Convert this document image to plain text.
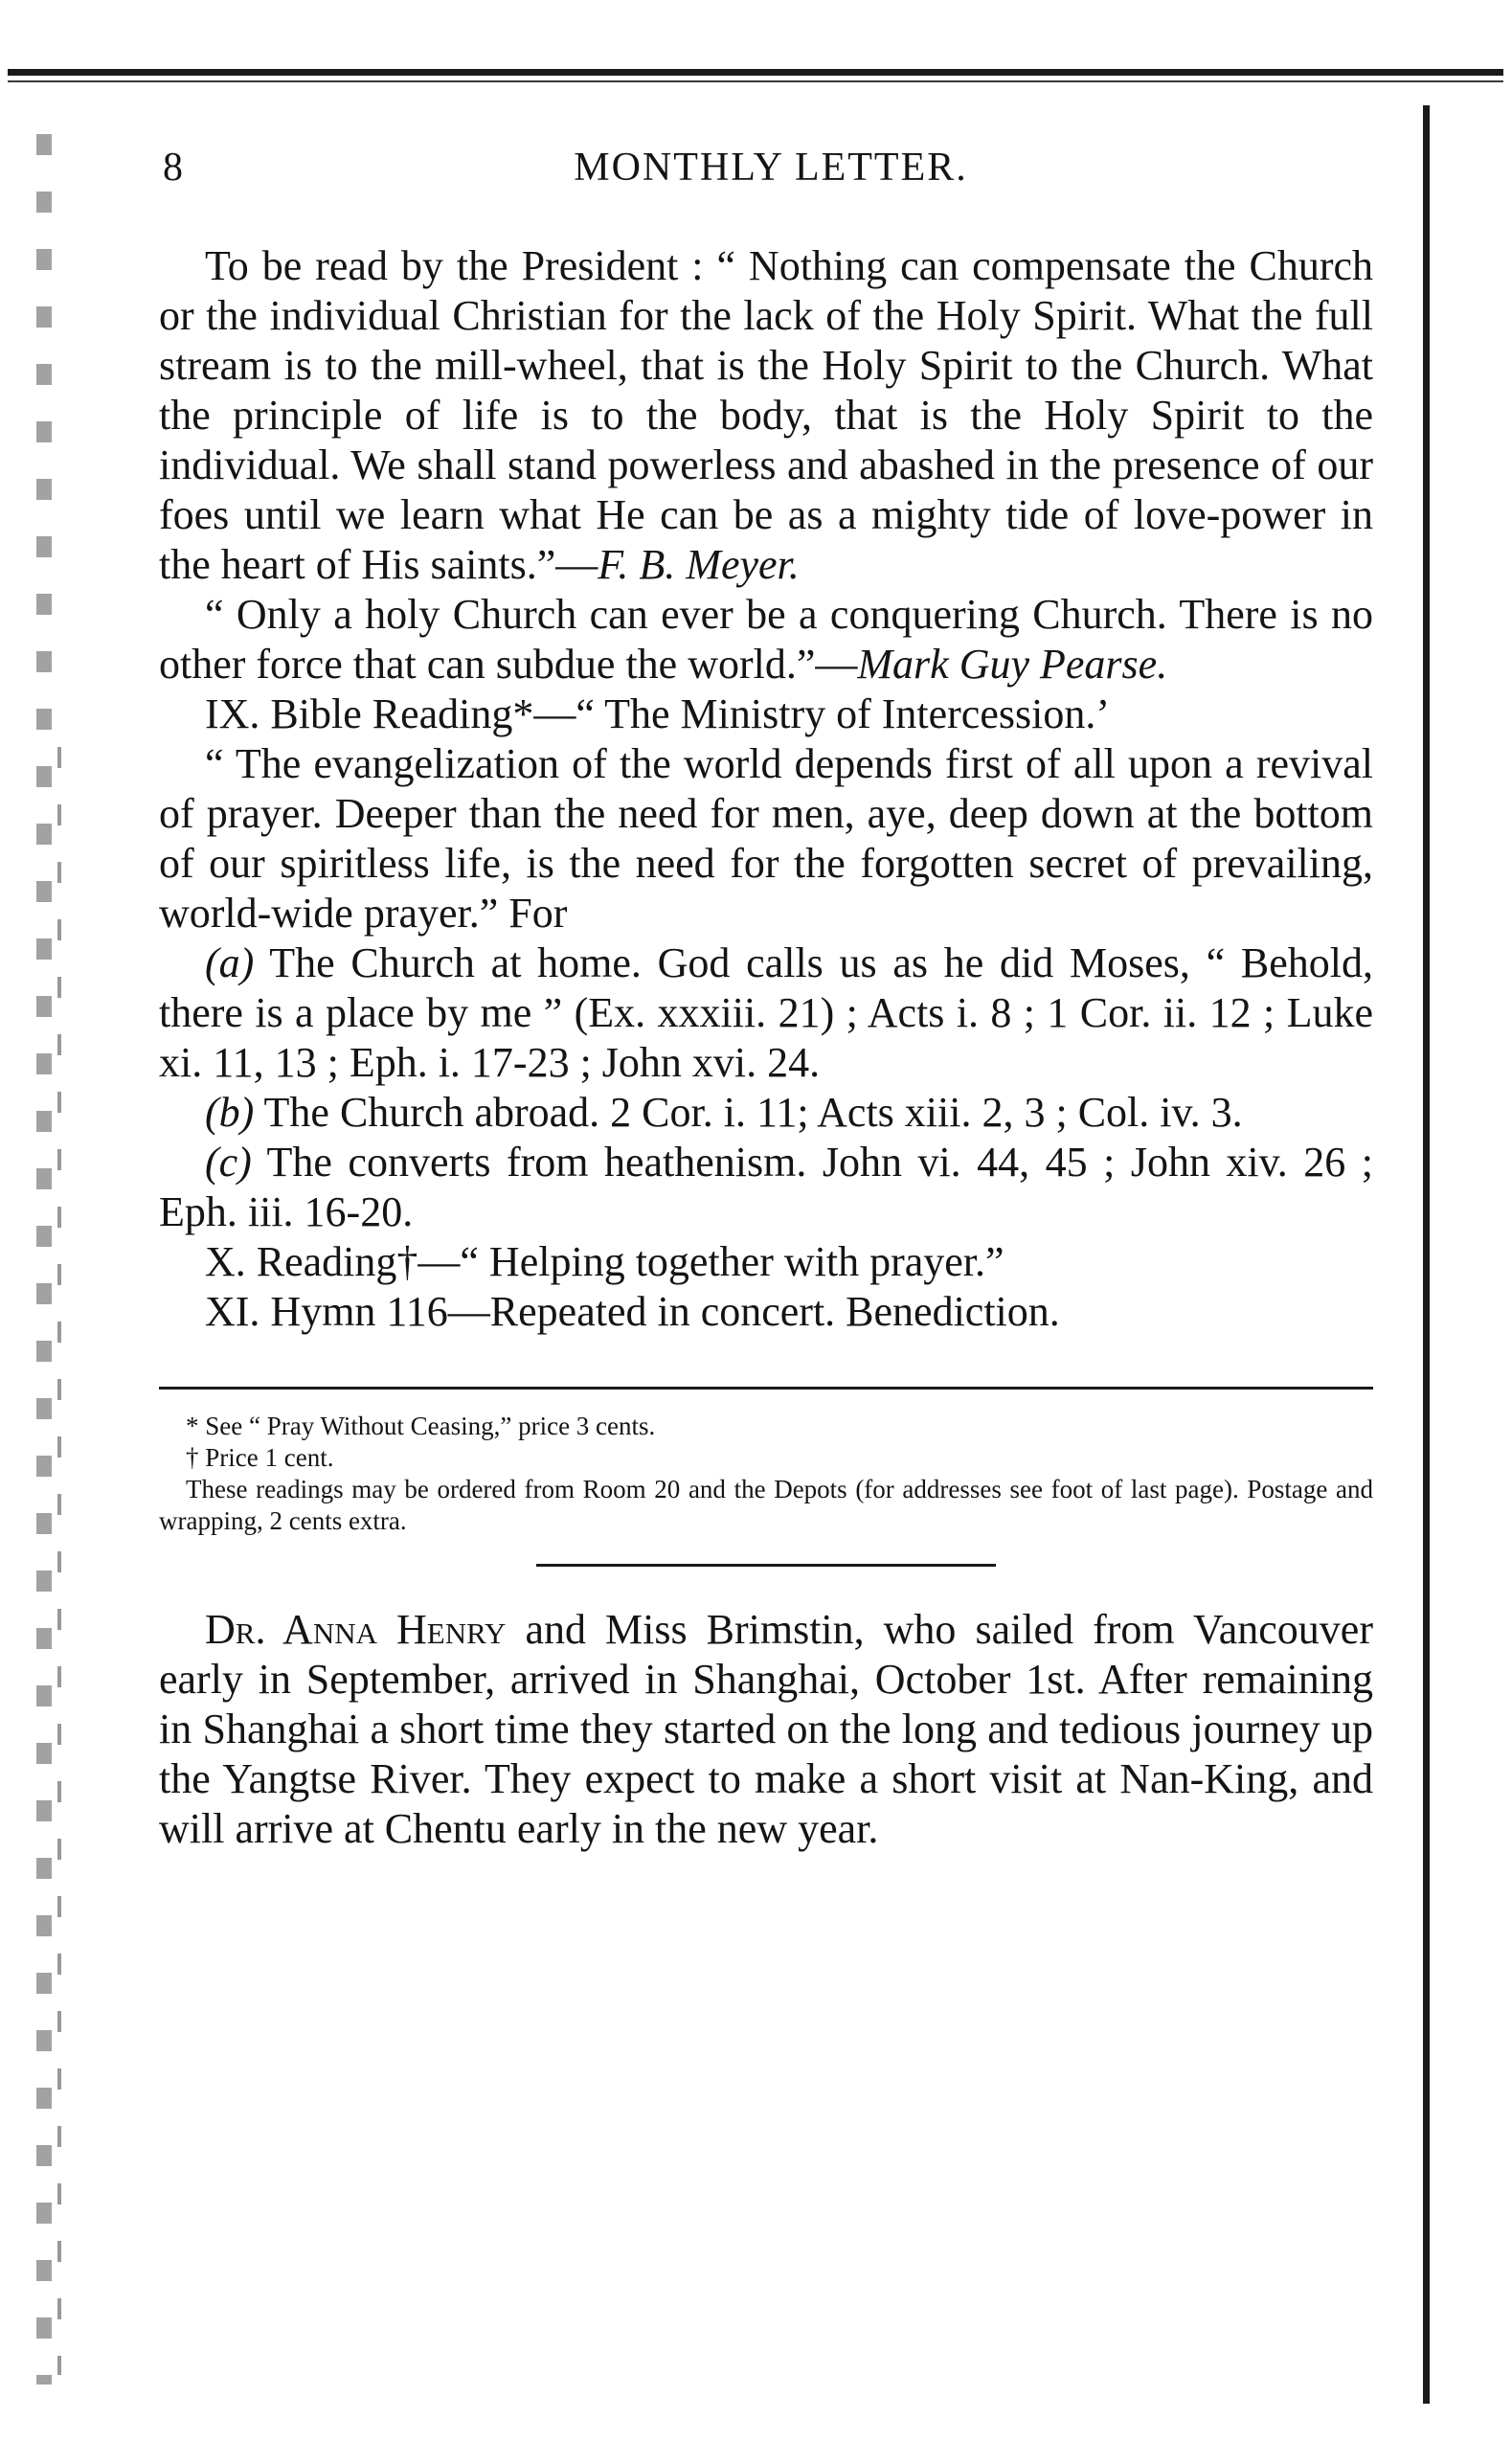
8	MONTHLY LETTER.

To be read by the President : “ Nothing can compensate the Church or the individual Christian for the lack of the Holy Spirit. What the full stream is to the mill-wheel, that is the Holy Spirit to the Church. What the principle of life is to the body, that is the Holy Spirit to the individual. We shall stand powerless and abashed in the presence of our foes until we learn what He can be as a mighty tide of love-power in the heart of His saints.”—F. B. Meyer.

“ Only a holy Church can ever be a conquering Church. There is no other force that can subdue the world.”—Mark Guy Pearse.

IX. Bible Reading*—“ The Ministry of Intercession.’

“ The evangelization of the world depends first of all upon a revival of prayer. Deeper than the need for men, aye, deep down at the bottom of our spiritless life, is the need for the forgotten secret of prevailing, world-wide prayer.” For

(a) The Church at home. God calls us as he did Moses, “ Behold, there is a place by me ” (Ex. xxxiii. 21) ; Acts i. 8 ; 1 Cor. ii. 12 ; Luke xi. 11, 13 ; Eph. i. 17-23 ; John xvi. 24.

(b) The Church abroad. 2 Cor. i. 11; Acts xiii. 2, 3 ; Col. iv. 3.

(c) The converts from heathenism. John vi. 44, 45 ; John xiv. 26 ; Eph. iii. 16-20.

X. Reading†—“ Helping together with prayer.”

XI. Hymn 116—Repeated in concert. Benediction.

* See “ Pray Without Ceasing,” price 3 cents.

† Price 1 cent.

These readings may be ordered from Room 20 and the Depots (for addresses see foot of last page). Postage and wrapping, 2 cents extra.

Dr. Anna Henry and Miss Brimstin, who sailed from Vancouver early in September, arrived in Shanghai, October 1st. After remaining in Shanghai a short time they started on the long and tedious journey up the Yangtse River. They expect to make a short visit at Nan-King, and will arrive at Chentu early in the new year.
